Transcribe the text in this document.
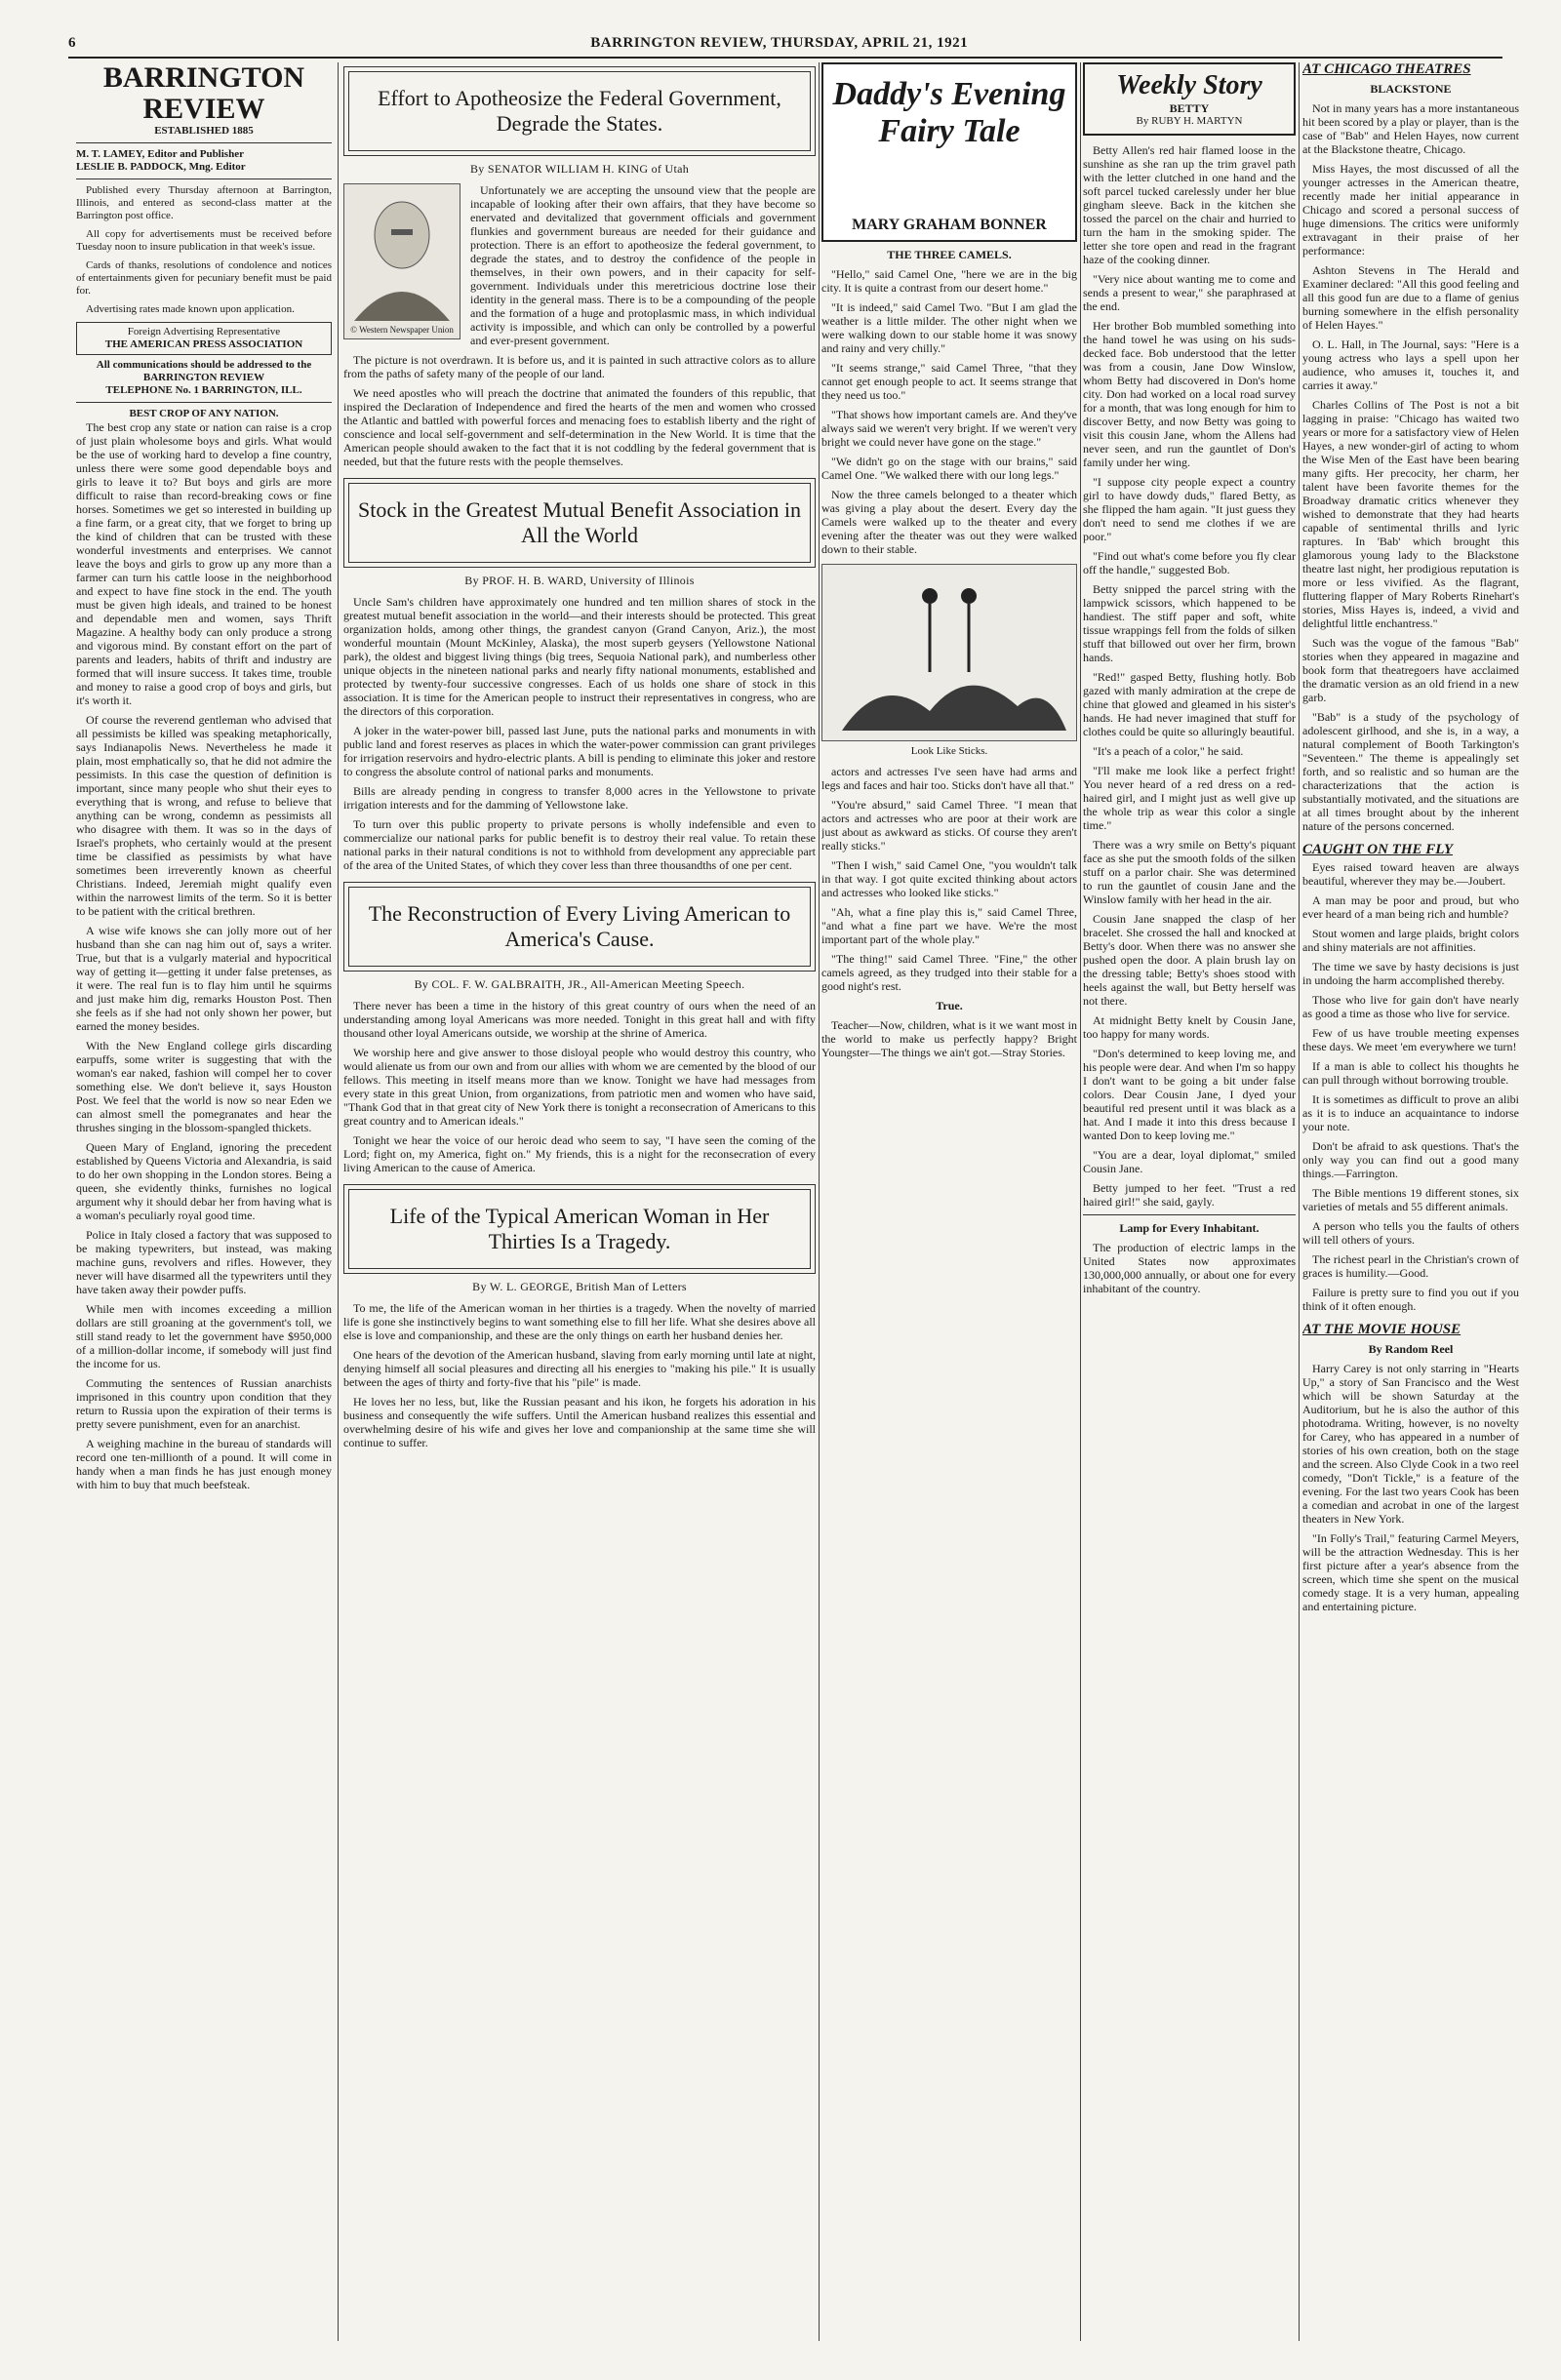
6	BARRINGTON REVIEW, THURSDAY, APRIL 21, 1921
BARRINGTON REVIEW
ESTABLISHED 1885
M. T. LAMEY, Editor and Publisher
LESLIE B. PADDOCK, Mng. Editor

Published every Thursday afternoon at Barrington, Illinois, and entered as second-class matter at the Barrington post office.

All copy for advertisements must be received before Tuesday noon to insure publication in that week's issue.

Cards of thanks, resolutions of condolence and notices of entertainments given for pecuniary benefit must be paid for.

Advertising rates made known upon application.

Foreign Advertising Representative
THE AMERICAN PRESS ASSOCIATION
All communications should be addressed to the
BARRINGTON REVIEW
TELEPHONE No. 1 BARRINGTON, ILL.
BEST CROP OF ANY NATION.

The best crop any state or nation can raise is a crop of just plain wholesome boys and girls. What would be the use of working hard to develop a fine country, unless there were some good dependable boys and girls to leave it to? But boys and girls are more difficult to raise than record-breaking cows or fine horses. Sometimes we get so interested in building up a fine farm, or a great city, that we forget to bring up the kind of children that can be trusted with these wonderful investments and enterprises. We cannot leave the boys and girls to grow up any more than a farmer can turn his cattle loose in the neighborhood and expect to have fine stock in the end. The youth must be given high ideals, and trained to be honest and dependable men and women, says Thrift Magazine. A healthy body can only produce a strong and vigorous mind. By constant effort on the part of parents and leaders, habits of thrift and industry are formed that will insure success. It takes time, trouble and money to raise a good crop of boys and girls, but it's worth it.

Of course the reverend gentleman who advised that all pessimists be killed was speaking metaphorically, says Indianapolis News. Nevertheless he made it plain, most emphatically so, that he did not admire the pessimists. In this case the question of definition is important, since many people who shut their eyes to everything that is wrong, and refuse to believe that anything can be wrong, condemn as pessimists all who disagree with them. It was so in the days of Israel's prophets, who certainly would at the present time be classified as pessimists by what have sometimes been irreverently known as cheerful Christians. Indeed, Jeremiah might qualify even within the narrowest limits of the term. So it is better to be patient with the critical brethren.

A wise wife knows she can jolly more out of her husband than she can nag him out of, says a writer. True, but that is a vulgarly material and hypocritical way of getting it—getting it under false pretenses, as it were. The real fun is to flay him until he squirms and just make him dig, remarks Houston Post. Then she feels as if she had not only shown her power, but earned the money besides.

With the New England college girls discarding earpuffs, some writer is suggesting that with the woman's ear naked, fashion will compel her to cover something else. We don't believe it, says Houston Post. We feel that the world is now so near Eden we can almost smell the pomegranates and hear the thrushes singing in the blossom-spangled thickets.

Queen Mary of England, ignoring the precedent established by Queens Victoria and Alexandria, is said to do her own shopping in the London stores. Being a queen, she evidently thinks, furnishes no logical argument why it should debar her from having what is a woman's peculiarly royal good time.

Police in Italy closed a factory that was supposed to be making typewriters, but instead, was making machine guns, revolvers and rifles. However, they never will have disarmed all the typewriters until they have taken away their powder puffs.

While men with incomes exceeding a million dollars are still groaning at the government's toll, we still stand ready to let the government have $950,000 of a million-dollar income, if somebody will just find the income for us.

Commuting the sentences of Russian anarchists imprisoned in this country upon condition that they return to Russia upon the expiration of their terms is pretty severe punishment, even for an anarchist.

A weighing machine in the bureau of standards will record one ten-millionth of a pound. It will come in handy when a man finds he has just enough money with him to buy that much beefsteak.

Effort to Apotheosize the Federal Government, Degrade the States.
By SENATOR WILLIAM H. KING of Utah
© Western Newspaper Union

Unfortunately we are accepting the unsound view that the people are incapable of looking after their own affairs, that they have become so enervated and devitalized that government officials and government flunkies and government bureaus are needed for their guidance and protection. There is an effort to apotheosize the federal government, to degrade the states, and to destroy the confidence of the people in themselves, in their own powers, and in their capacity for self-government. Individuals under this meretricious doctrine lose their identity in the general mass. There is to be a compounding of the people and the formation of a huge and protoplasmic mass, in which individual activity is impossible, and which can only be controlled by a powerful and ever-present government.

The picture is not overdrawn. It is before us, and it is painted in such attractive colors as to allure from the paths of safety many of the people of our land.

We need apostles who will preach the doctrine that animated the founders of this republic, that inspired the Declaration of Independence and fired the hearts of the men and women who crossed the Atlantic and battled with powerful forces and menacing foes to establish liberty and the right of conscience and local self-government and self-determination in the New World. It is time that the American people should awaken to the fact that it is not coddling by the federal government that is needed, but that the future rests with the people themselves.

Stock in the Greatest Mutual Benefit Association in All the World
By PROF. H. B. WARD, University of Illinois

Uncle Sam's children have approximately one hundred and ten million shares of stock in the greatest mutual benefit association in the world—and their interests should be protected. This great organization holds, among other things, the grandest canyon (Grand Canyon, Ariz.), the most wonderful mountain (Mount McKinley, Alaska), the most superb geysers (Yellowstone National park), the oldest and biggest living things (big trees, Sequoia National park), and numberless other unique objects in the nineteen national parks and nearly fifty national monuments, established and protected by twenty-four successive congresses. Each of us holds one share of stock in this association. It is time for the American people to instruct their representatives in congress, who are the directors of this corporation.

A joker in the water-power bill, passed last June, puts the national parks and monuments in with public land and forest reserves as places in which the water-power commission can grant privileges for irrigation reservoirs and hydro-electric plants. A bill is pending to eliminate this joker and restore to congress the absolute control of national parks and monuments.

Bills are already pending in congress to transfer 8,000 acres in the Yellowstone to private irrigation interests and for the damming of Yellowstone lake.

To turn over this public property to private persons is wholly indefensible and even to commercialize our national parks for public benefit is to destroy their real value. To retain these national parks in their natural conditions is not to withhold from development any appreciable part of the area of the United States, of which they cover less than three thousandths of one per cent.

The Reconstruction of Every Living American to America's Cause.
By COL. F. W. GALBRAITH, JR., All-American Meeting Speech.

There never has been a time in the history of this great country of ours when the need of an understanding among loyal Americans was more needed. Tonight in this great hall and with fifty thousand other loyal Americans outside, we worship at the shrine of America.

We worship here and give answer to those disloyal people who would destroy this country, who would alienate us from our own and from our allies with whom we are cemented by the blood of our fellows. This meeting in itself means more than we know. Tonight we have had messages from every state in this great Union, from organizations, from patriotic men and women who have said, "Thank God that in that great city of New York there is tonight a reconsecration of Americans to this great country and to American ideals."

Tonight we hear the voice of our heroic dead who seem to say, "I have seen the coming of the Lord; fight on, my America, fight on." My friends, this is a night for the reconsecration of every living American to the cause of America.

Life of the Typical American Woman in Her Thirties Is a Tragedy.
By W. L. GEORGE, British Man of Letters

To me, the life of the American woman in her thirties is a tragedy. When the novelty of married life is gone she instinctively begins to want something else to fill her life. What she desires above all else is love and companionship, and these are the only things on earth her husband denies her.

One hears of the devotion of the American husband, slaving from early morning until late at night, denying himself all social pleasures and directing all his energies to "making his pile." It is usually between the ages of thirty and forty-five that his "pile" is made.

He loves her no less, but, like the Russian peasant and his ikon, he forgets his adoration in his business and consequently the wife suffers. Until the American husband realizes this essential and overwhelming desire of his wife and gives her love and companionship at the same time she will continue to suffer.

Daddy's Evening
Fairy Tale
MARY GRAHAM BONNER
THE THREE CAMELS.

"Hello," said Camel One, "here we are in the big city. It is quite a contrast from our desert home."

"It is indeed," said Camel Two. "But I am glad the weather is a little milder. The other night when we were walking down to our stable home it was snowy and rainy and very chilly."

"It seems strange," said Camel Three, "that they cannot get enough people to act. It seems strange that they need us too."

"That shows how important camels are. And they've always said we weren't very bright. If we weren't very bright we could never have gone on the stage."

"We didn't go on the stage with our brains," said Camel One. "We walked there with our long legs."

Now the three camels belonged to a theater which was giving a play about the desert. Every day the Camels were walked up to the theater and every evening after the theater was out they were walked down to their stable.

Look Like Sticks.

actors and actresses I've seen have had arms and legs and faces and hair too. Sticks don't have all that."

"You're absurd," said Camel Three. "I mean that actors and actresses who are poor at their work are just about as awkward as sticks. Of course they aren't really sticks."

"Then I wish," said Camel One, "you wouldn't talk in that way. I got quite excited thinking about actors and actresses who looked like sticks."

"Ah, what a fine play this is," said Camel Three, "and what a fine part we have. We're the most important part of the whole play."

"The thing!" said Camel Three. "Fine," the other camels agreed, as they trudged into their stable for a good night's rest.

True.

Teacher—Now, children, what is it we want most in the world to make us perfectly happy? Bright Youngster—The things we ain't got.—Stray Stories.

Weekly Story
BETTY
By RUBY H. MARTYN

Betty Allen's red hair flamed loose in the sunshine as she ran up the trim gravel path with the letter clutched in one hand and the soft parcel tucked carelessly under her blue gingham sleeve. Back in the kitchen she tossed the parcel on the chair and hurried to turn the ham in the smoking spider. The letter she tore open and read in the fragrant haze of the cooking dinner.

"Very nice about wanting me to come and sends a present to wear," she paraphrased at the end.

Her brother Bob mumbled something into the hand towel he was using on his suds-decked face. Bob understood that the letter was from a cousin, Jane Dow Winslow, whom Betty had discovered in Don's home city. Don had worked on a local road survey for a month, that was long enough for him to discover Betty, and now Betty was going to visit this cousin Jane, whom the Allens had never seen, and run the gauntlet of Don's family under her wing.

"I suppose city people expect a country girl to have dowdy duds," flared Betty, as she flipped the ham again. "It just guess they don't need to send me clothes if we are poor."

"Find out what's come before you fly clear off the handle," suggested Bob.

Betty snipped the parcel string with the lampwick scissors, which happened to be handiest. The stiff paper and soft, white tissue wrappings fell from the folds of silken stuff that billowed out over her firm, brown hands.

"Red!" gasped Betty, flushing hotly. Bob gazed with manly admiration at the crepe de chine that glowed and gleamed in his sister's hands. He had never imagined that stuff for clothes could be quite so alluringly beautiful.

"It's a peach of a color," he said.

"I'll make me look like a perfect fright! You never heard of a red dress on a red-haired girl, and I might just as well give up the whole trip as wear this color a single time."

There was a wry smile on Betty's piquant face as she put the smooth folds of the silken stuff on a parlor chair. She was determined to run the gauntlet of cousin Jane and the Winslow family with her head in the air.

Cousin Jane snapped the clasp of her bracelet. She crossed the hall and knocked at Betty's door. When there was no answer she pushed open the door. A plain brush lay on the dressing table; Betty's shoes stood with heels against the wall, but Betty herself was not there.

At midnight Betty knelt by Cousin Jane, too happy for many words.

"Don's determined to keep loving me, and his people were dear. And when I'm so happy I don't want to be going a bit under false colors. Dear Cousin Jane, I dyed your beautiful red present until it was black as a hat. And I made it into this dress because I wanted Don to keep loving me."

"You are a dear, loyal diplomat," smiled Cousin Jane.

Betty jumped to her feet. "Trust a red haired girl!" she said, gayly.

Lamp for Every Inhabitant.

The production of electric lamps in the United States now approximates 130,000,000 annually, or about one for every inhabitant of the country.

AT CHICAGO THEATRES
BLACKSTONE

Not in many years has a more instantaneous hit been scored by a play or player, than is the case of "Bab" and Helen Hayes, now current at the Blackstone theatre, Chicago.

Miss Hayes, the most discussed of all the younger actresses in the American theatre, recently made her initial appearance in Chicago and scored a personal success of huge dimensions. The critics were uniformly extravagant in their praise of her performance:

Ashton Stevens in The Herald and Examiner declared: "All this good feeling and all this good fun are due to a flame of genius burning somewhere in the elfish personality of Helen Hayes."

O. L. Hall, in The Journal, says: "Here is a young actress who lays a spell upon her audience, who amuses it, touches it, and carries it away."

Charles Collins of The Post is not a bit lagging in praise: "Chicago has waited two years or more for a satisfactory view of Helen Hayes, a new wonder-girl of acting to whom the Wise Men of the East have been bearing many gifts. Her precocity, her charm, her talent have been favorite themes for the Broadway dramatic critics whenever they wished to demonstrate that they had hearts capable of sentimental thrills and lyric raptures. In 'Bab' which brought this glamorous young lady to the Blackstone theatre last night, her prodigious reputation is more or less vivified. As the flagrant, fluttering flapper of Mary Roberts Rinehart's stories, Miss Hayes is, indeed, a vivid and delightful little enchantress."

Such was the vogue of the famous "Bab" stories when they appeared in magazine and book form that theatregoers have acclaimed the dramatic version as an old friend in a new garb.

"Bab" is a study of the psychology of adolescent girlhood, and she is, in a way, a natural complement of Booth Tarkington's "Seventeen." The theme is appealingly set forth, and so realistic and so human are the characterizations that the action is substantially motivated, and the situations are at all times brought about by the inherent nature of the persons concerned.

CAUGHT ON THE FLY

Eyes raised toward heaven are always beautiful, wherever they may be.—Joubert.

A man may be poor and proud, but who ever heard of a man being rich and humble?

Stout women and large plaids, bright colors and shiny materials are not affinities.

The time we save by hasty decisions is just in undoing the harm accomplished thereby.

Those who live for gain don't have nearly as good a time as those who live for service.

Few of us have trouble meeting expenses these days. We meet 'em everywhere we turn!

If a man is able to collect his thoughts he can pull through without borrowing trouble.

It is sometimes as difficult to prove an alibi as it is to induce an acquaintance to indorse your note.

Don't be afraid to ask questions. That's the only way you can find out a good many things.—Farrington.

The Bible mentions 19 different stones, six varieties of metals and 55 different animals.

A person who tells you the faults of others will tell others of yours.

The richest pearl in the Christian's crown of graces is humility.—Good.

Failure is pretty sure to find you out if you think of it often enough.

AT THE MOVIE HOUSE
By Random Reel

Harry Carey is not only starring in "Hearts Up," a story of San Francisco and the West which will be shown Saturday at the Auditorium, but he is also the author of this photodrama. Writing, however, is no novelty for Carey, who has appeared in a number of stories of his own creation, both on the stage and the screen. Also Clyde Cook in a two reel comedy, "Don't Tickle," is a feature of the evening. For the last two years Cook has been a comedian and acrobat in one of the largest theaters in New York.

"In Folly's Trail," featuring Carmel Meyers, will be the attraction Wednesday. This is her first picture after a year's absence from the screen, which time she spent on the musical comedy stage. It is a very human, appealing and entertaining picture.
